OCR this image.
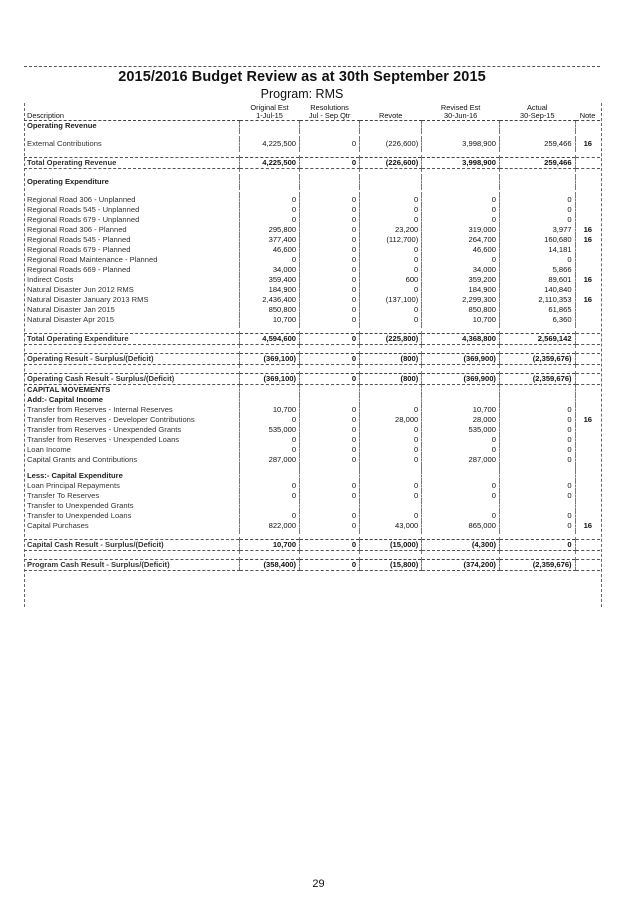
2015/2016 Budget Review as at 30th September 2015
Program: RMS
	Original Est	Resolutions		Revised Est	Actual	
Description	1-Jul-15	Jul - Sep Qtr	Revote	30-Jun-16	30-Sep-15	Note
Operating Revenue						

External Contributions	4,225,500	0	(226,600)	3,998,900	259,466	16

Total Operating Revenue	4,225,500	0	(226,600)	3,998,900	259,466	

Operating Expenditure						

Regional Road 306 - Unplanned	0	0	0	0	0	
Regional Roads 545 - Unplanned	0	0	0	0	0	
Regional Roads 679 - Unplanned	0	0	0	0	0	
Regional Road 306 - Planned	295,800	0	23,200	319,000	3,977	16
Regional Roads 545 - Planned	377,400	0	(112,700)	264,700	160,680	16
Regional Roads 679 - Planned	46,600	0	0	46,600	14,181	
Regional Road Maintenance - Planned	0	0	0	0	0	
Regional Roads 669 - Planned	34,000	0	0	34,000	5,866	
Indirect Costs	359,400	0	600	359,200	89,601	16
Natural Disaster Jun 2012 RMS	184,900	0	0	184,900	140,840	
Natural Disaster January 2013 RMS	2,436,400	0	(137,100)	2,299,300	2,110,353	16
Natural Disaster Jan 2015	850,800	0	0	850,800	61,865	
Natural Disaster Apr 2015	10,700	0	0	10,700	6,360	

Total Operating Expenditure	4,594,600	0	(225,800)	4,368,800	2,569,142	

Operating Result - Surplus/(Deficit)	(369,100)	0	(800)	(369,900)	(2,359,676)	

Operating Cash Result - Surplus/(Deficit)	(369,100)	0	(800)	(369,900)	(2,359,676)	
CAPITAL MOVEMENTS						
Add:- Capital Income						
Transfer from Reserves - Internal Reserves	10,700	0	0	10,700	0	
Transfer from Reserves - Developer Contributions	0	0	28,000	28,000	0	16
Transfer from Reserves - Unexpended Grants	535,000	0	0	535,000	0	
Transfer from Reserves - Unexpended Loans	0	0	0	0	0	
Loan Income	0	0	0	0	0	
Capital Grants and Contributions	287,000	0	0	287,000	0	

Less:- Capital Expenditure						
Loan Principal Repayments	0	0	0	0	0	
Transfer To Reserves	0	0	0	0	0	
Transfer to Unexpended Grants						
Transfer to Unexpended Loans	0	0	0	0	0	
Capital Purchases	822,000	0	43,000	865,000	0	16

Capital Cash Result - Surplus/(Deficit)	10,700	0	(15,000)	(4,300)	0	

Program Cash Result - Surplus/(Deficit)	(358,400)	0	(15,800)	(374,200)	(2,359,676)	
29
